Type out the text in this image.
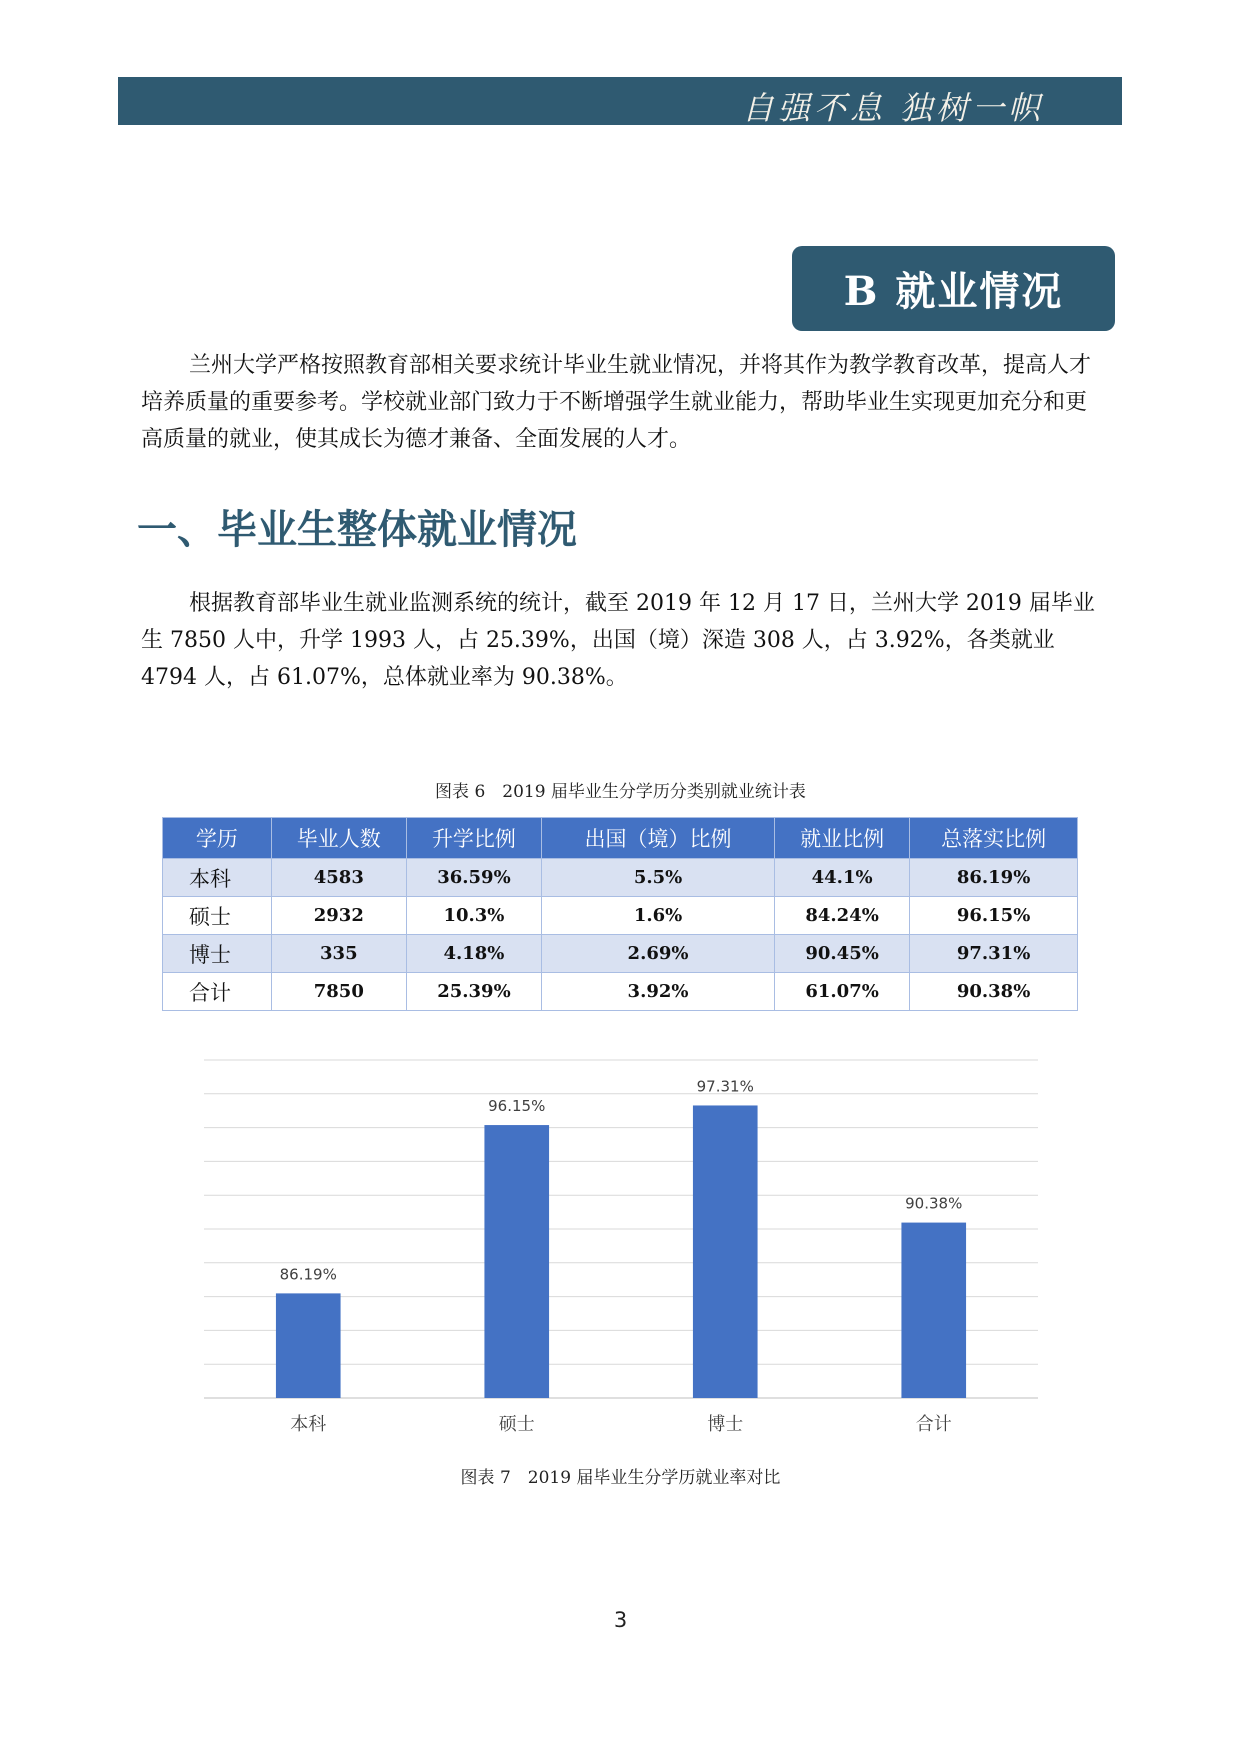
自强不息 独树一帜
B 就业情况

兰州大学严格按照教育部相关要求统计毕业生就业情况，并将其作为教学教育改革，提高人才培养质量的重要参考。学校就业部门致力于不断增强学生就业能力，帮助毕业生实现更加充分和更高质量的就业，使其成长为德才兼备、全面发展的人才。

一、毕业生整体就业情况

根据教育部毕业生就业监测系统的统计，截至 2019 年 12 月 17 日，兰州大学 2019 届毕业生 7850 人中，升学 1993 人，占 25.39%，出国（境）深造 308 人，占 3.92%，各类就业 4794 人，占 61.07%，总体就业率为 90.38%。

图表 6　2019 届毕业生分学历分类别就业统计表
学历	毕业人数	升学比例	出国（境）比例	就业比例	总落实比例
本科	4583	36.59%	5.5%	44.1%	86.19%
硕士	2932	10.3%	1.6%	84.24%	96.15%
博士	335	4.18%	2.69%	90.45%	97.31%
合计	7850	25.39%	3.92%	61.07%	90.38%
86.19%
本科
96.15%
硕士
97.31%
博士
90.38%
合计
图表 7　2019 届毕业生分学历就业率对比
3
